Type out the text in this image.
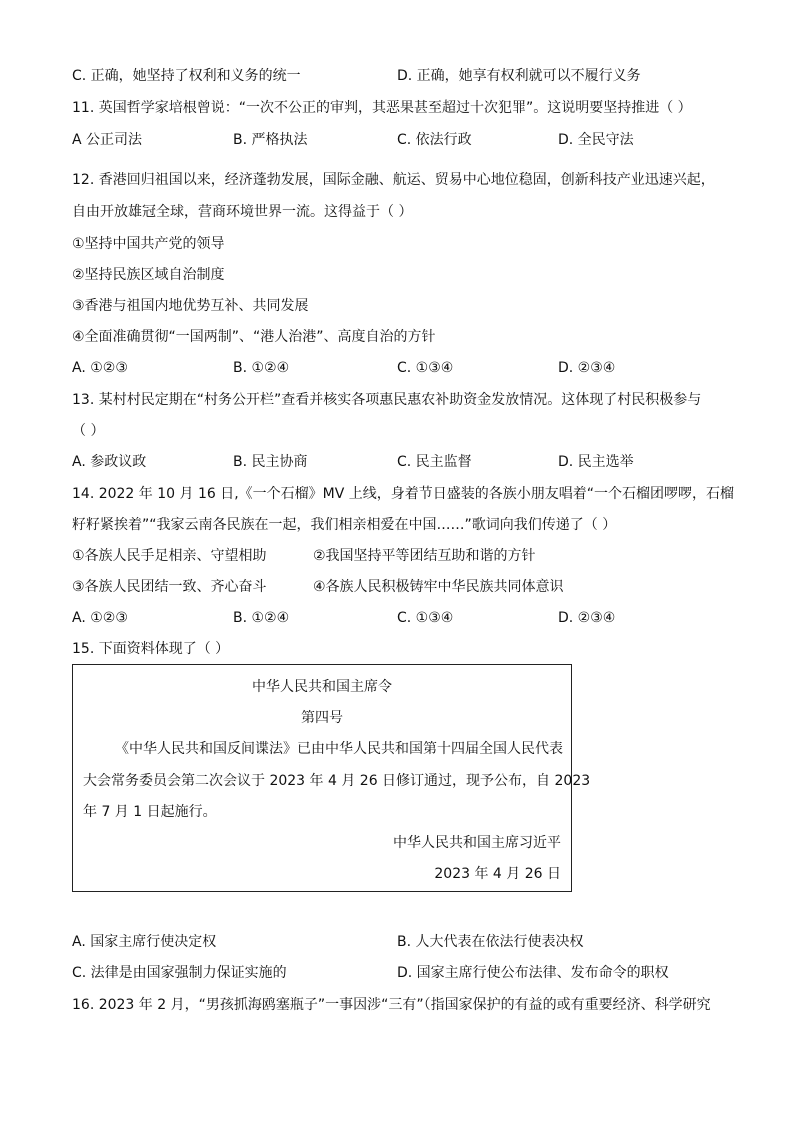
C. 正确，她坚持了权利和义务的统一	D. 正确，她享有权利就可以不履行义务
11. 英国哲学家培根曾说：“一次不公正的审判，其恶果甚至超过十次犯罪”。这说明要坚持推进（ ）
A 公正司法	B. 严格执法	C. 依法行政	D. 全民守法
12. 香港回归祖国以来，经济蓬勃发展，国际金融、航运、贸易中心地位稳固，创新科技产业迅速兴起，
自由开放雄冠全球，营商环境世界一流。这得益于（ ）
①坚持中国共产党的领导
②坚持民族区域自治制度
③香港与祖国内地优势互补、共同发展
④全面准确贯彻“一国两制”、“港人治港”、高度自治的方针
A. ①②③	B. ①②④	C. ①③④	D. ②③④
13. 某村村民定期在“村务公开栏”查看并核实各项惠民惠农补助资金发放情况。这体现了村民积极参与
（ ）
A. 参政议政	B. 民主协商	C. 民主监督	D. 民主选举
14. 2022 年 10 月 16 日,《一个石榴》MV 上线，身着节日盛装的各族小朋友唱着“一个石榴团啰啰，石榴
籽籽紧挨着”“我家云南各民族在一起，我们相亲相爱在中国……”歌词向我们传递了（ ）
①各族人民手足相亲、守望相助	②我国坚持平等团结互助和谐的方针
③各族人民团结一致、齐心奋斗	④各族人民积极铸牢中华民族共同体意识
A. ①②③	B. ①②④	C. ①③④	D. ②③④
15. 下面资料体现了（ ）
中华人民共和国主席令
第四号
《中华人民共和国反间谍法》已由中华人民共和国第十四届全国人民代表
大会常务委员会第二次会议于 2023 年 4 月 26 日修订通过，现予公布，自 2023
年 7 月 1 日起施行。
中华人民共和国主席习近平
2023 年 4 月 26 日
A. 国家主席行使决定权	B. 人大代表在依法行使表决权
C. 法律是由国家强制力保证实施的	D. 国家主席行使公布法律、发布命令的职权
16. 2023 年 2 月，“男孩抓海鸥塞瓶子”一事因涉“三有”（指国家保护的有益的或有重要经济、科学研究
